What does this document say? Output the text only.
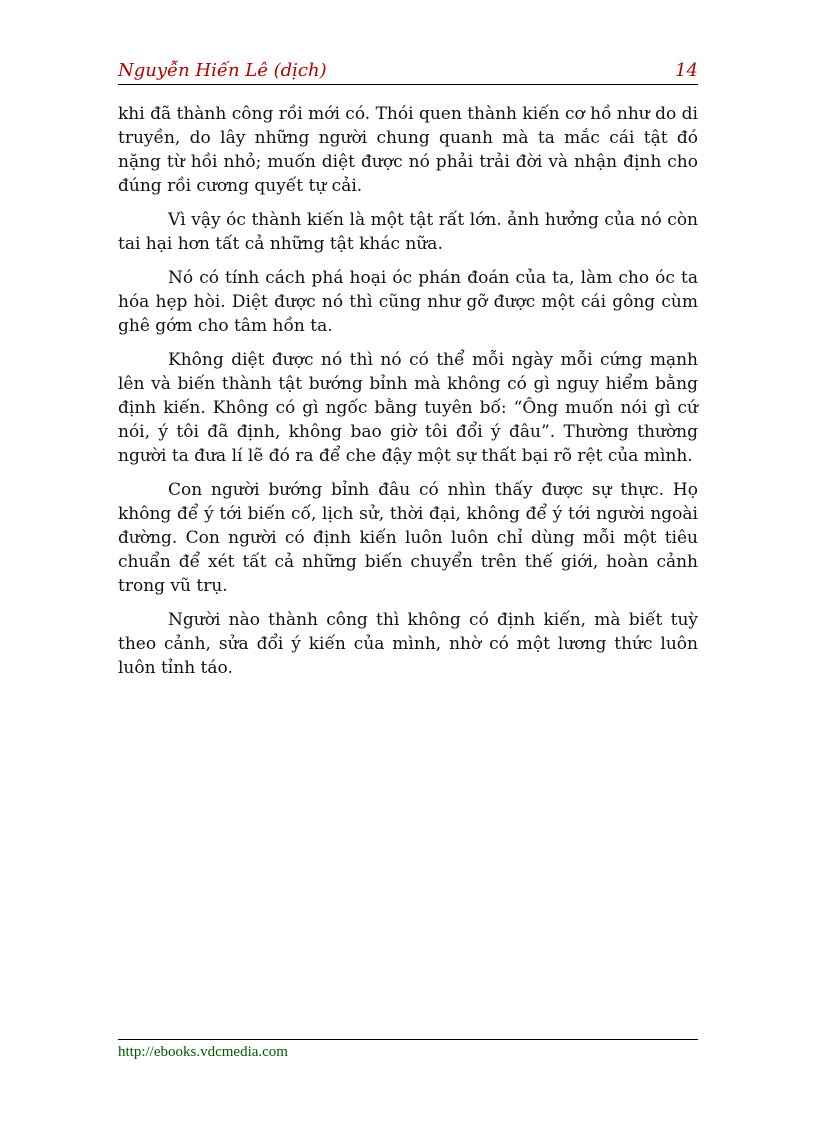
Nguyễn Hiến Lê (dịch)	14

khi đã thành công rồi mới có. Thói quen thành kiến cơ hồ như do di truyền, do lây những người chung quanh mà ta mắc cái tật đó nặng từ hồi nhỏ; muốn diệt được nó phải trải đời và nhận định cho đúng rồi cương quyết tự cải.

Vì vậy óc thành kiến là một tật rất lớn. ảnh hưởng của nó còn tai hại hơn tất cả những tật khác nữa.

Nó có tính cách phá hoại óc phán đoán của ta, làm cho óc ta hóa hẹp hòi. Diệt được nó thì cũng như gỡ được một cái gông cùm ghê gớm cho tâm hồn ta.

Không diệt được nó thì nó có thể mỗi ngày mỗi cứng mạnh lên và biến thành tật bướng bỉnh mà không có gì nguy hiểm bằng định kiến. Không có gì ngốc bằng tuyên bố: “Ông muốn nói gì cứ nói, ý tôi đã định, không bao giờ tôi đổi ý đâu”. Thường thường người ta đưa lí lẽ đó ra để che đậy một sự thất bại rõ rệt của mình.

Con người bướng bỉnh đâu có nhìn thấy được sự thực. Họ không để ý tới biến cố, lịch sử, thời đại, không để ý tới người ngoài đường. Con người có định kiến luôn luôn chỉ dùng mỗi một tiêu chuẩn để xét tất cả những biến chuyển trên thế giới, hoàn cảnh trong vũ trụ.

Người nào thành công thì không có định kiến, mà biết tuỳ theo cảnh, sửa đổi ý kiến của mình, nhờ có một lương thức luôn luôn tỉnh táo.

http://ebooks.vdcmedia.com
